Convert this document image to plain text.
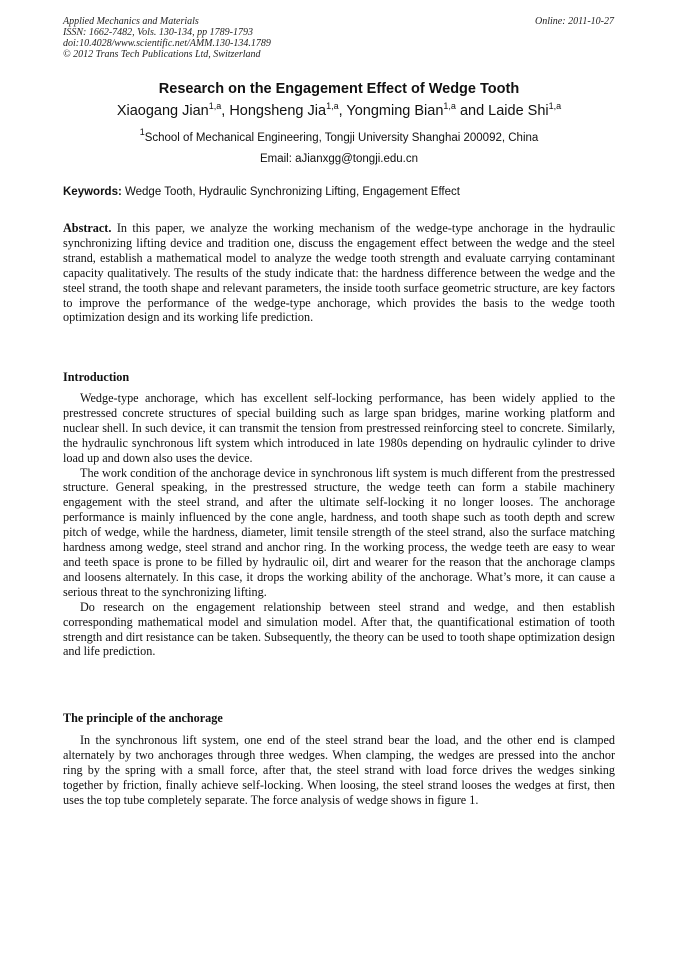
Applied Mechanics and Materials
ISSN: 1662-7482, Vols. 130-134, pp 1789-1793
doi:10.4028/www.scientific.net/AMM.130-134.1789
© 2012 Trans Tech Publications Ltd, Switzerland
Online: 2011-10-27
Research on the Engagement Effect of Wedge Tooth
Xiaogang Jian$^{1,a}$, Hongsheng Jia$^{1,a}$, Yongming Bian$^{1,a}$ and Laide Shi$^{1,a}$
$^1$School of Mechanical Engineering, Tongji University Shanghai 200092, China
Email: aJianxgg@tongji.edu.cn
Keywords: Wedge Tooth, Hydraulic Synchronizing Lifting, Engagement Effect
Abstract. In this paper, we analyze the working mechanism of the wedge-type anchorage in the hydraulic synchronizing lifting device and tradition one, discuss the engagement effect between the wedge and the steel strand, establish a mathematical model to analyze the wedge tooth strength and evaluate carrying contaminant capacity qualitatively. The results of the study indicate that: the hardness difference between the wedge and the steel strand, the tooth shape and relevant parameters, the inside tooth surface geometric structure, are key factors to improve the performance of the wedge-type anchorage, which provides the basis to the wedge tooth optimization design and its working life prediction.
Introduction

Wedge-type anchorage, which has excellent self-locking performance, has been widely applied to the prestressed concrete structures of special building such as large span bridges, marine working platform and nuclear shell. In such device, it can transmit the tension from prestressed reinforcing steel to concrete. Similarly, the hydraulic synchronous lift system which introduced in late 1980s depending on hydraulic cylinder to drive load up and down also uses the device.

The work condition of the anchorage device in synchronous lift system is much different from the prestressed structure. General speaking, in the prestressed structure, the wedge teeth can form a stabile machinery engagement with the steel strand, and after the ultimate self-locking it no longer looses. The anchorage performance is mainly influenced by the cone angle, hardness, and tooth shape such as tooth depth and screw pitch of wedge, while the hardness, diameter, limit tensile strength of the steel strand, also the surface matching hardness among wedge, steel strand and anchor ring. In the working process, the wedge teeth are easy to wear and teeth space is prone to be filled by hydraulic oil, dirt and wearer for the reason that the anchorage clamps and loosens alternately. In this case, it drops the working ability of the anchorage. What’s more, it can cause a serious threat to the synchronizing lifting.

Do research on the engagement relationship between steel strand and wedge, and then establish corresponding mathematical model and simulation model. After that, the quantificational estimation of tooth strength and dirt resistance can be taken. Subsequently, the theory can be used to tooth shape optimization design and life prediction.

The principle of the anchorage

In the synchronous lift system, one end of the steel strand bear the load, and the other end is clamped alternately by two anchorages through three wedges. When clamping, the wedges are pressed into the anchor ring by the spring with a small force, after that, the steel strand with load force drives the wedges sinking together by friction, finally achieve self-locking. When loosing, the steel strand looses the wedges at first, then uses the top tube completely separate. The force analysis of wedge shows in figure 1.
